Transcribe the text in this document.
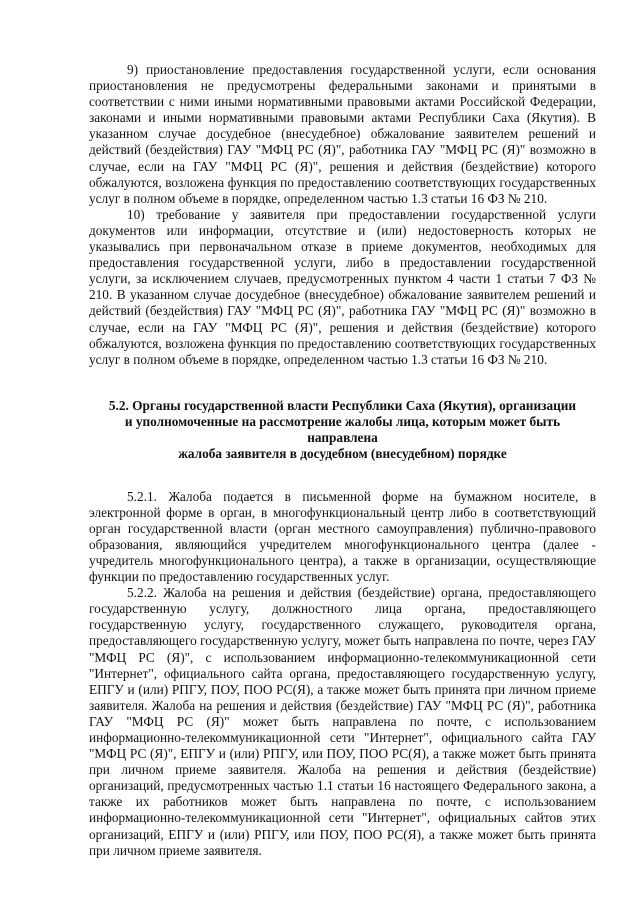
9) приостановление предоставления государственной услуги, если основания приостановления не предусмотрены федеральными законами и принятыми в соответствии с ними иными нормативными правовыми актами Российской Федерации, законами и иными нормативными правовыми актами Республики Саха (Якутия). В указанном случае досудебное (внесудебное) обжалование заявителем решений и действий (бездействия) ГАУ "МФЦ РС (Я)", работника ГАУ "МФЦ РС (Я)" возможно в случае, если на ГАУ "МФЦ РС (Я)", решения и действия (бездействие) которого обжалуются, возложена функция по предоставлению соответствующих государственных услуг в полном объеме в порядке, определенном частью 1.3 статьи 16 ФЗ № 210.

10) требование у заявителя при предоставлении государственной услуги документов или информации, отсутствие и (или) недостоверность которых не указывались при первоначальном отказе в приеме документов, необходимых для предоставления государственной услуги, либо в предоставлении государственной услуги, за исключением случаев, предусмотренных пунктом 4 части 1 статьи 7 ФЗ № 210. В указанном случае досудебное (внесудебное) обжалование заявителем решений и действий (бездействия) ГАУ "МФЦ РС (Я)", работника ГАУ "МФЦ РС (Я)" возможно в случае, если на ГАУ "МФЦ РС (Я)", решения и действия (бездействие) которого обжалуются, возложена функция по предоставлению соответствующих государственных услуг в полном объеме в порядке, определенном частью 1.3 статьи 16 ФЗ № 210.

5.2. Органы государственной власти Республики Саха (Якутия), организации
и уполномоченные на рассмотрение жалобы лица, которым может быть направлена
жалоба заявителя в досудебном (внесудебном) порядке

5.2.1. Жалоба подается в письменной форме на бумажном носителе, в электронной форме в орган, в многофункциональный центр либо в соответствующий орган государственной власти (орган местного самоуправления) публично-правового образования, являющийся учредителем многофункционального центра (далее - учредитель многофункционального центра), а также в организации, осуществляющие функции по предоставлению государственных услуг.

5.2.2. Жалоба на решения и действия (бездействие) органа, предоставляющего государственную услугу, должностного лица органа, предоставляющего государственную услугу, государственного служащего, руководителя органа, предоставляющего государственную услугу, может быть направлена по почте, через ГАУ "МФЦ РС (Я)", с использованием информационно-телекоммуникационной сети "Интернет", официального сайта органа, предоставляющего государственную услугу, ЕПГУ и (или) РПГУ, ПОУ, ПОО РС(Я), а также может быть принята при личном приеме заявителя. Жалоба на решения и действия (бездействие) ГАУ "МФЦ РС (Я)", работника ГАУ "МФЦ РС (Я)" может быть направлена по почте, с использованием информационно-телекоммуникационной сети "Интернет", официального сайта ГАУ "МФЦ РС (Я)", ЕПГУ и (или) РПГУ, или ПОУ, ПОО РС(Я), а также может быть принята при личном приеме заявителя. Жалоба на решения и действия (бездействие) организаций, предусмотренных частью 1.1 статьи 16 настоящего Федерального закона, а также их работников может быть направлена по почте, с использованием информационно-телекоммуникационной сети "Интернет", официальных сайтов этих организаций, ЕПГУ и (или) РПГУ, или ПОУ, ПОО РС(Я), а также может быть принята при личном приеме заявителя.
